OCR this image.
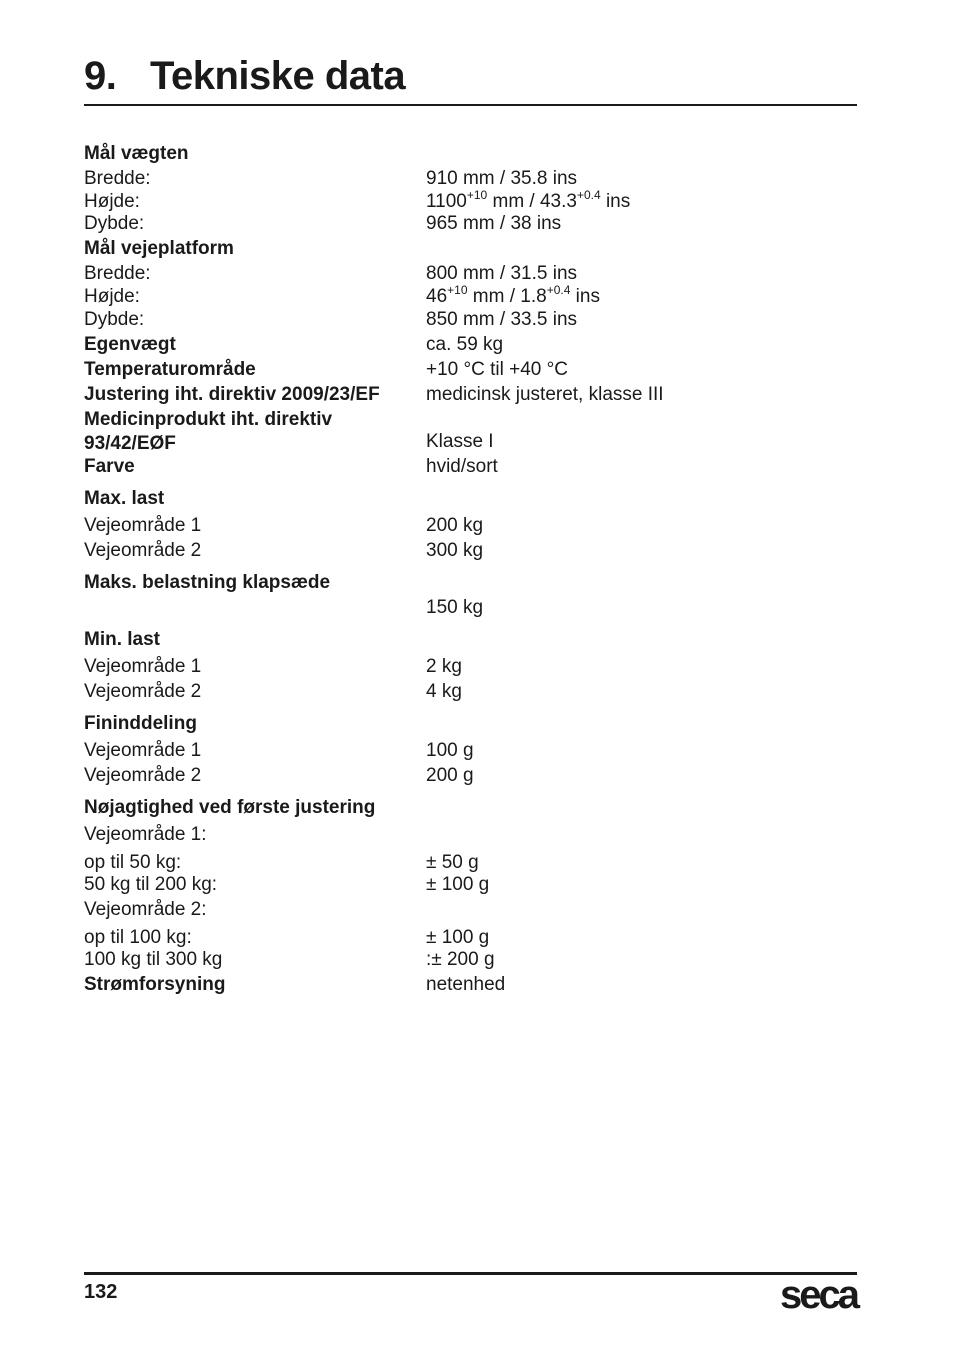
9. Tekniske data
Mål vægten
Bredde:	910 mm / 35.8 ins
Højde:	$1100^{+10}$ mm / $43.3^{+0.4}$ ins
Dybde:	965 mm / 38 ins
Mål vejeplatform
Bredde:	800 mm / 31.5 ins
Højde:	$46^{+10}$ mm / $1.8^{+0.4}$ ins
Dybde:	850 mm / 33.5 ins
Egenvægt	ca. 59 kg
Temperaturområde	+10 °C til +40 °C
Justering iht. direktiv 2009/23/EF	medicinsk justeret, klasse III
Medicinprodukt iht. direktiv
93/42/EØF	Klasse I
Farve	hvid/sort
Max. last
Vejeområde 1	200 kg
Vejeområde 2	300 kg
Maks. belastning klapsæde
150 kg
Min. last
Vejeområde 1	2 kg
Vejeområde 2	4 kg
Fininddeling
Vejeområde 1	100 g
Vejeområde 2	200 g
Nøjagtighed ved første justering
Vejeområde 1:
op til 50 kg:	± 50 g
50 kg til 200 kg:	± 100 g
Vejeområde 2:
op til 100 kg:	± 100 g
100 kg til 300 kg	:± 200 g
Strømforsyning	netenhed
132	seca
